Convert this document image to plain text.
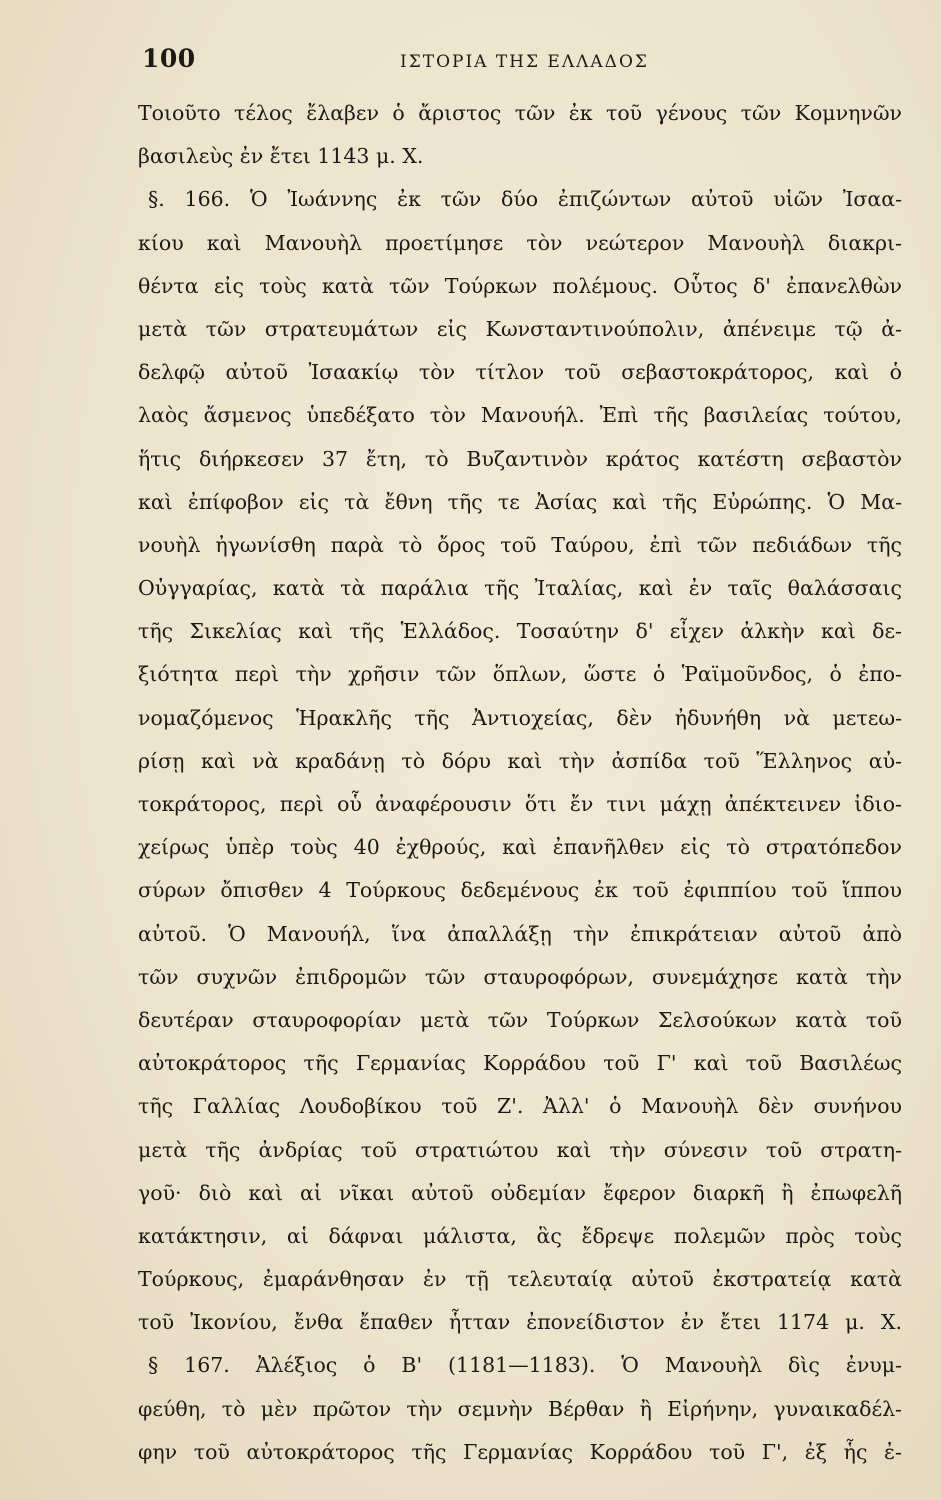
100	ΙΣΤΟΡΙΑ ΤΗΣ ΕΛΛΑΔΟΣ
Τοιοῦτο τέλος ἔλαβεν ὁ ἄριστος τῶν ἐκ τοῦ γένους τῶν Κομνηνῶν
βασιλεὺς ἐν ἔτει 1143 μ. Χ.
§. 166. Ὁ Ἰωάννης ἐκ τῶν δύο ἐπιζώντων αὐτοῦ υἱῶν Ἰσαα-
κίου καὶ Μανουὴλ προετίμησε τὸν νεώτερον Μανουὴλ διακρι-
θέντα εἰς τοὺς κατὰ τῶν Τούρκων πολέμους. Οὗτος δ' ἐπανελθὼν
μετὰ τῶν στρατευμάτων εἰς Κωνσταντινούπολιν, ἀπένειμε τῷ ἀ-
δελφῷ αὐτοῦ Ἰσαακίῳ τὸν τίτλον τοῦ σεβαστοκράτορος, καὶ ὁ
λαὸς ἄσμενος ὑπεδέξατο τὸν Μανουήλ. Ἐπὶ τῆς βασιλείας τούτου,
ἥτις διήρκεσεν 37 ἔτη, τὸ Βυζαντινὸν κράτος κατέστη σεβαστὸν
καὶ ἐπίφοβον εἰς τὰ ἔθνη τῆς τε Ἀσίας καὶ τῆς Εὐρώπης. Ὁ Μα-
νουὴλ ἠγωνίσθη παρὰ τὸ ὄρος τοῦ Ταύρου, ἐπὶ τῶν πεδιάδων τῆς
Οὐγγαρίας, κατὰ τὰ παράλια τῆς Ἰταλίας, καὶ ἐν ταῖς θαλάσσαις
τῆς Σικελίας καὶ τῆς Ἑλλάδος. Τοσαύτην δ' εἶχεν ἀλκὴν καὶ δε-
ξιότητα περὶ τὴν χρῆσιν τῶν ὅπλων, ὥστε ὁ Ῥαϊμοῦνδος, ὁ ἐπο-
νομαζόμενος Ἡρακλῆς τῆς Ἀντιοχείας, δὲν ἠδυνήθη νὰ μετεω-
ρίσῃ καὶ νὰ κραδάνῃ τὸ δόρυ καὶ τὴν ἀσπίδα τοῦ Ἕλληνος αὐ-
τοκράτορος, περὶ οὗ ἀναφέρουσιν ὅτι ἔν τινι μάχῃ ἀπέκτεινεν ἰδιο-
χείρως ὑπὲρ τοὺς 40 ἐχθρούς, καὶ ἐπανῆλθεν εἰς τὸ στρατόπεδον
σύρων ὄπισθεν 4 Τούρκους δεδεμένους ἐκ τοῦ ἐφιππίου τοῦ ἵππου
αὐτοῦ. Ὁ Μανουήλ, ἵνα ἀπαλλάξῃ τὴν ἐπικράτειαν αὐτοῦ ἀπὸ
τῶν συχνῶν ἐπιδρομῶν τῶν σταυροφόρων, συνεμάχησε κατὰ τὴν
δευτέραν σταυροφορίαν μετὰ τῶν Τούρκων Σελσούκων κατὰ τοῦ
αὐτοκράτορος τῆς Γερμανίας Κορράδου τοῦ Γ' καὶ τοῦ Βασιλέως
τῆς Γαλλίας Λουδοβίκου τοῦ Ζ'. Ἀλλ' ὁ Μανουὴλ δὲν συνήνου
μετὰ τῆς ἀνδρίας τοῦ στρατιώτου καὶ τὴν σύνεσιν τοῦ στρατη-
γοῦ· διὸ καὶ αἱ νῖκαι αὐτοῦ οὐδεμίαν ἔφερον διαρκῆ ἢ ἐπωφελῆ
κατάκτησιν, αἱ δάφναι μάλιστα, ἃς ἔδρεψε πολεμῶν πρὸς τοὺς
Τούρκους, ἐμαράνθησαν ἐν τῇ τελευταίᾳ αὐτοῦ ἐκστρατείᾳ κατὰ
τοῦ Ἰκονίου, ἔνθα ἔπαθεν ἧτταν ἐπονείδιστον ἐν ἔτει 1174 μ. Χ.
§ 167. Ἀλέξιος ὁ Β' (1181—1183). Ὁ Μανουὴλ δὶς ἐνυμ-
φεύθη, τὸ μὲν πρῶτον τὴν σεμνὴν Βέρθαν ἢ Εἰρήνην, γυναικαδέλ-
φην τοῦ αὐτοκράτορος τῆς Γερμανίας Κορράδου τοῦ Γ', ἐξ ἧς ἐ-
